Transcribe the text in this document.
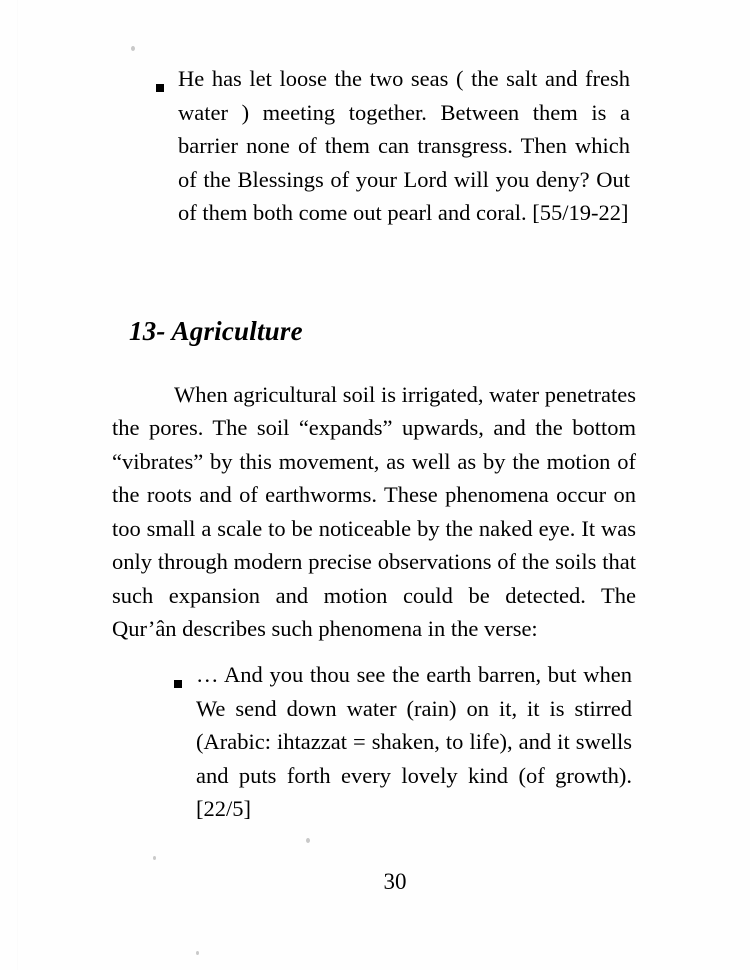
He has let loose the two seas ( the salt and fresh water ) meeting together. Between them is a barrier none of them can transgress. Then which of the Blessings of your Lord will you deny? Out of them both come out pearl and coral. [55/19-22]
13- Agriculture

When agricultural soil is irrigated, water penetrates the pores. The soil “expands” upwards, and the bottom “vibrates” by this movement, as well as by the motion of the roots and of earthworms. These phenomena occur on too small a scale to be noticeable by the naked eye. It was only through modern precise observations of the soils that such expansion and motion could be detected. The Qur’ân describes such phenomena in the verse:

… And you thou see the earth barren, but when We send down water (rain) on it, it is stirred (Arabic: ihtazzat = shaken, to life), and it swells and puts forth every lovely kind (of growth). [22/5]
30
